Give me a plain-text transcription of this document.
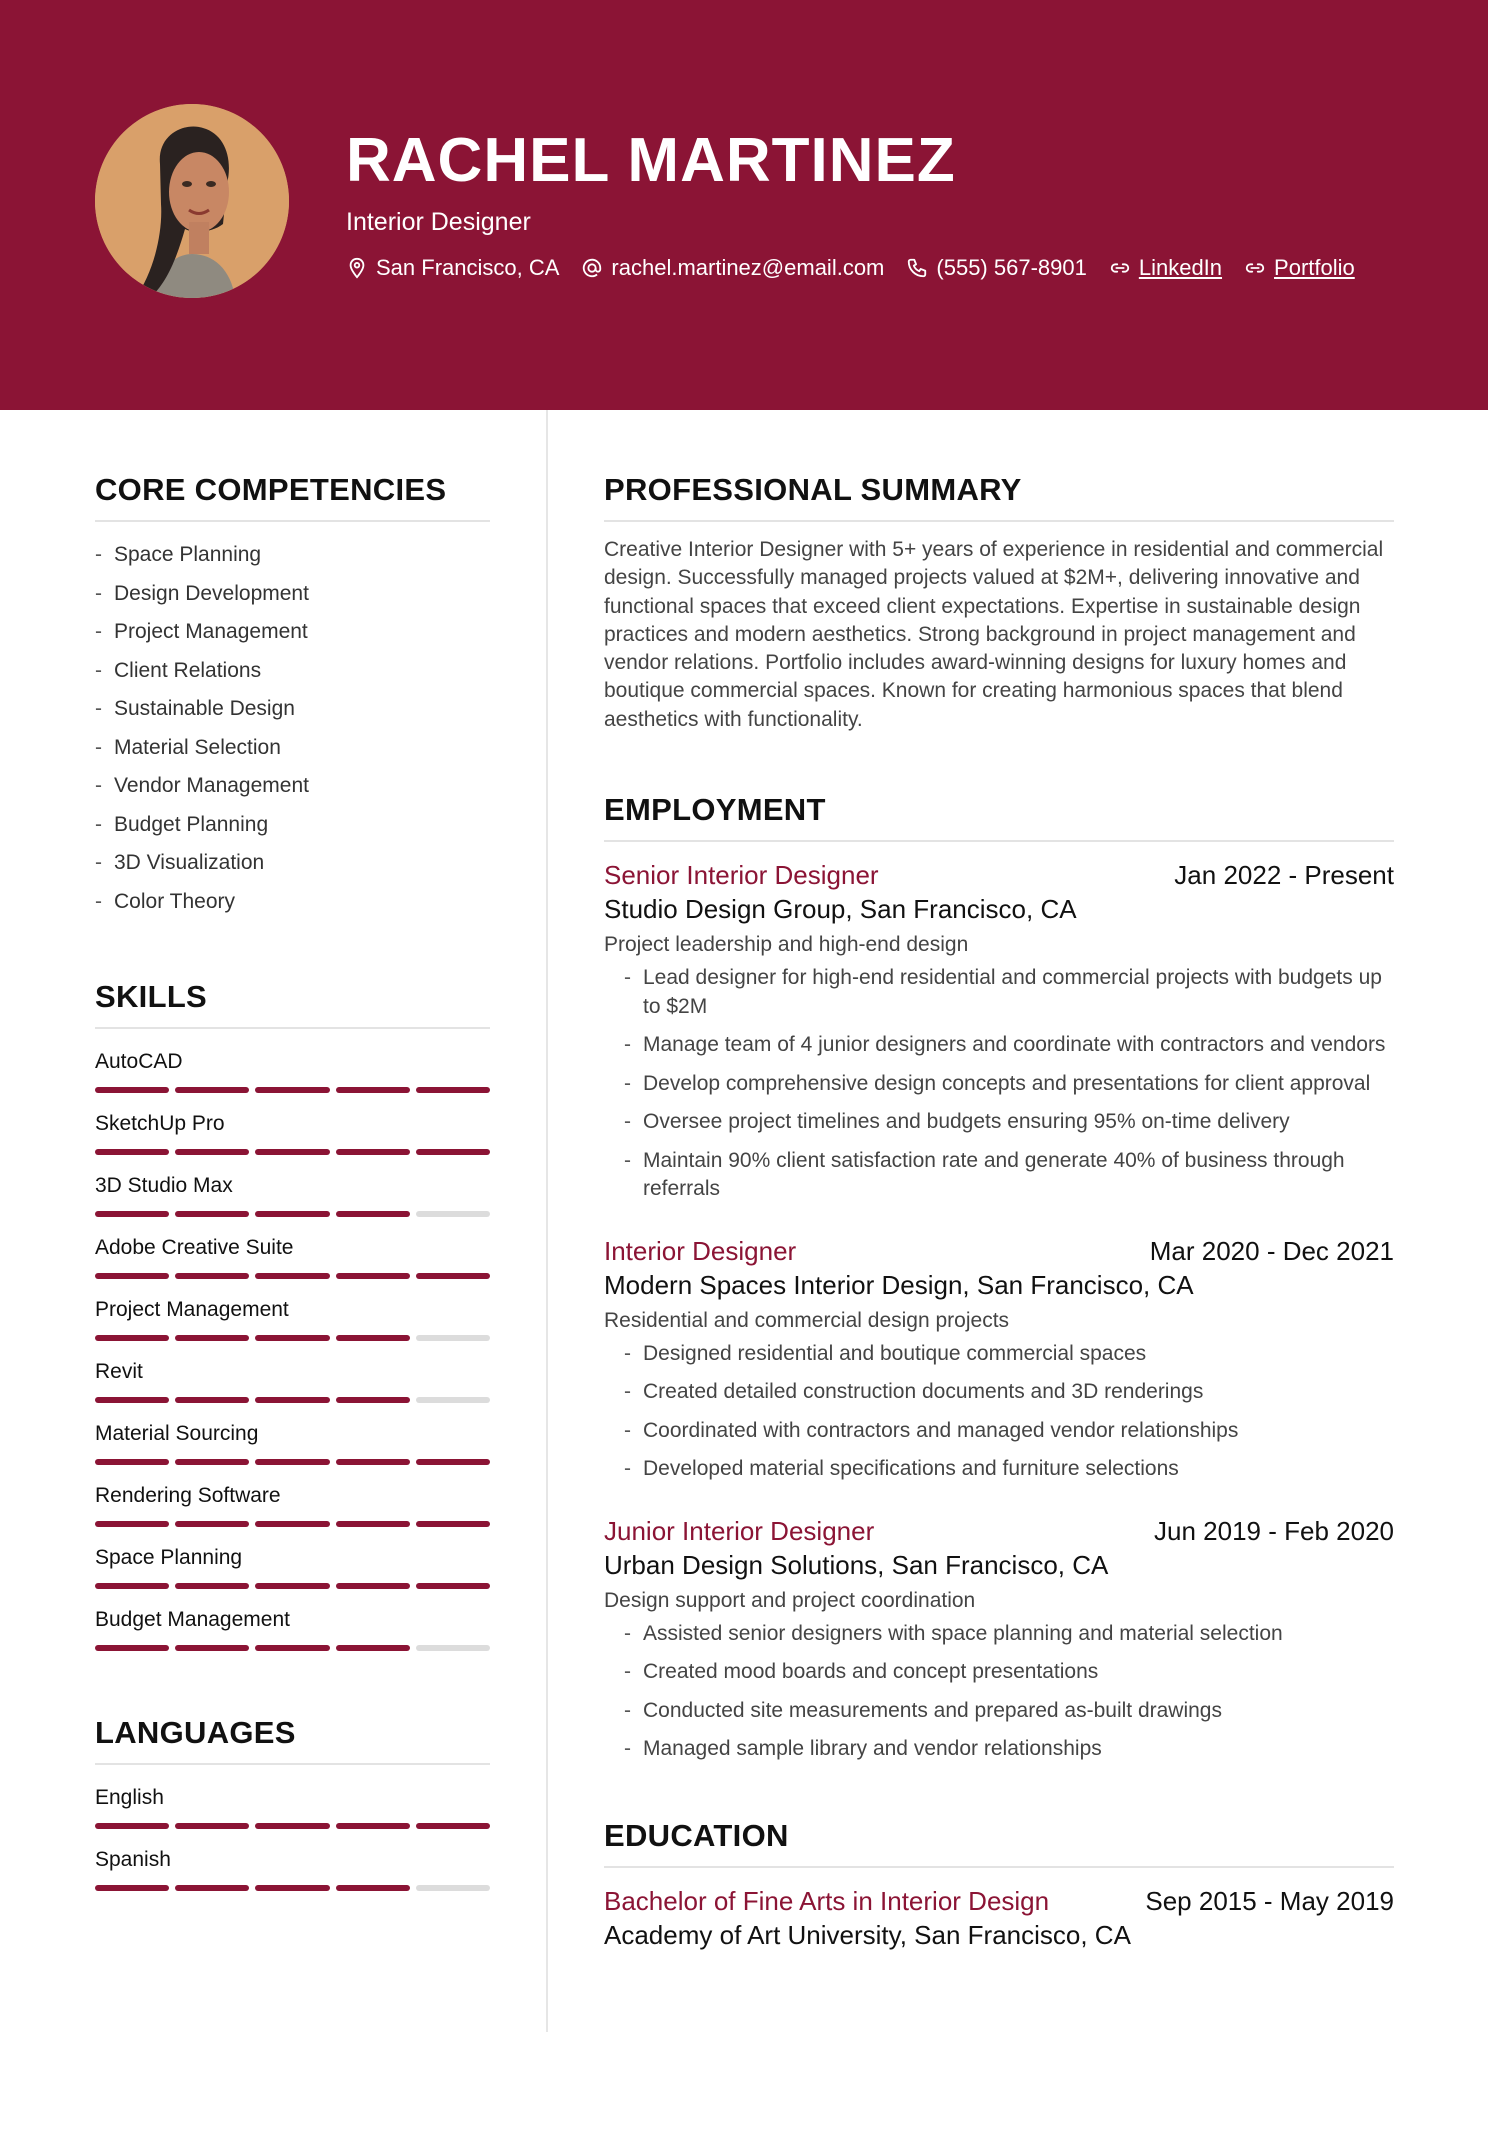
RACHEL MARTINEZ
Interior Designer
San Francisco, CA rachel.martinez@email.com (555) 567-8901 LinkedIn Portfolio
CORE COMPETENCIES
- Space Planning
- Design Development
- Project Management
- Client Relations
- Sustainable Design
- Material Selection
- Vendor Management
- Budget Planning
- 3D Visualization
- Color Theory
SKILLS
AutoCAD
SketchUp Pro
3D Studio Max
Adobe Creative Suite
Project Management
Revit
Material Sourcing
Rendering Software
Space Planning
Budget Management
LANGUAGES
English
Spanish
PROFESSIONAL SUMMARY

Creative Interior Designer with 5+ years of experience in residential and commercial design. Successfully managed projects valued at $2M+, delivering innovative and functional spaces that exceed client expectations. Expertise in sustainable design practices and modern aesthetics. Strong background in project management and vendor relations. Portfolio includes award-winning designs for luxury homes and boutique commercial spaces. Known for creating harmonious spaces that blend aesthetics with functionality.

EMPLOYMENT
Senior Interior Designer	Jan 2022 - Present
Studio Design Group, San Francisco, CA
Project leadership and high-end design
- Lead designer for high-end residential and commercial projects with budgets up to $2M
- Manage team of 4 junior designers and coordinate with contractors and vendors
- Develop comprehensive design concepts and presentations for client approval
- Oversee project timelines and budgets ensuring 95% on-time delivery
- Maintain 90% client satisfaction rate and generate 40% of business through referrals
Interior Designer	Mar 2020 - Dec 2021
Modern Spaces Interior Design, San Francisco, CA
Residential and commercial design projects
- Designed residential and boutique commercial spaces
- Created detailed construction documents and 3D renderings
- Coordinated with contractors and managed vendor relationships
- Developed material specifications and furniture selections
Junior Interior Designer	Jun 2019 - Feb 2020
Urban Design Solutions, San Francisco, CA
Design support and project coordination
- Assisted senior designers with space planning and material selection
- Created mood boards and concept presentations
- Conducted site measurements and prepared as-built drawings
- Managed sample library and vendor relationships
EDUCATION
Bachelor of Fine Arts in Interior Design	Sep 2015 - May 2019
Academy of Art University, San Francisco, CA
